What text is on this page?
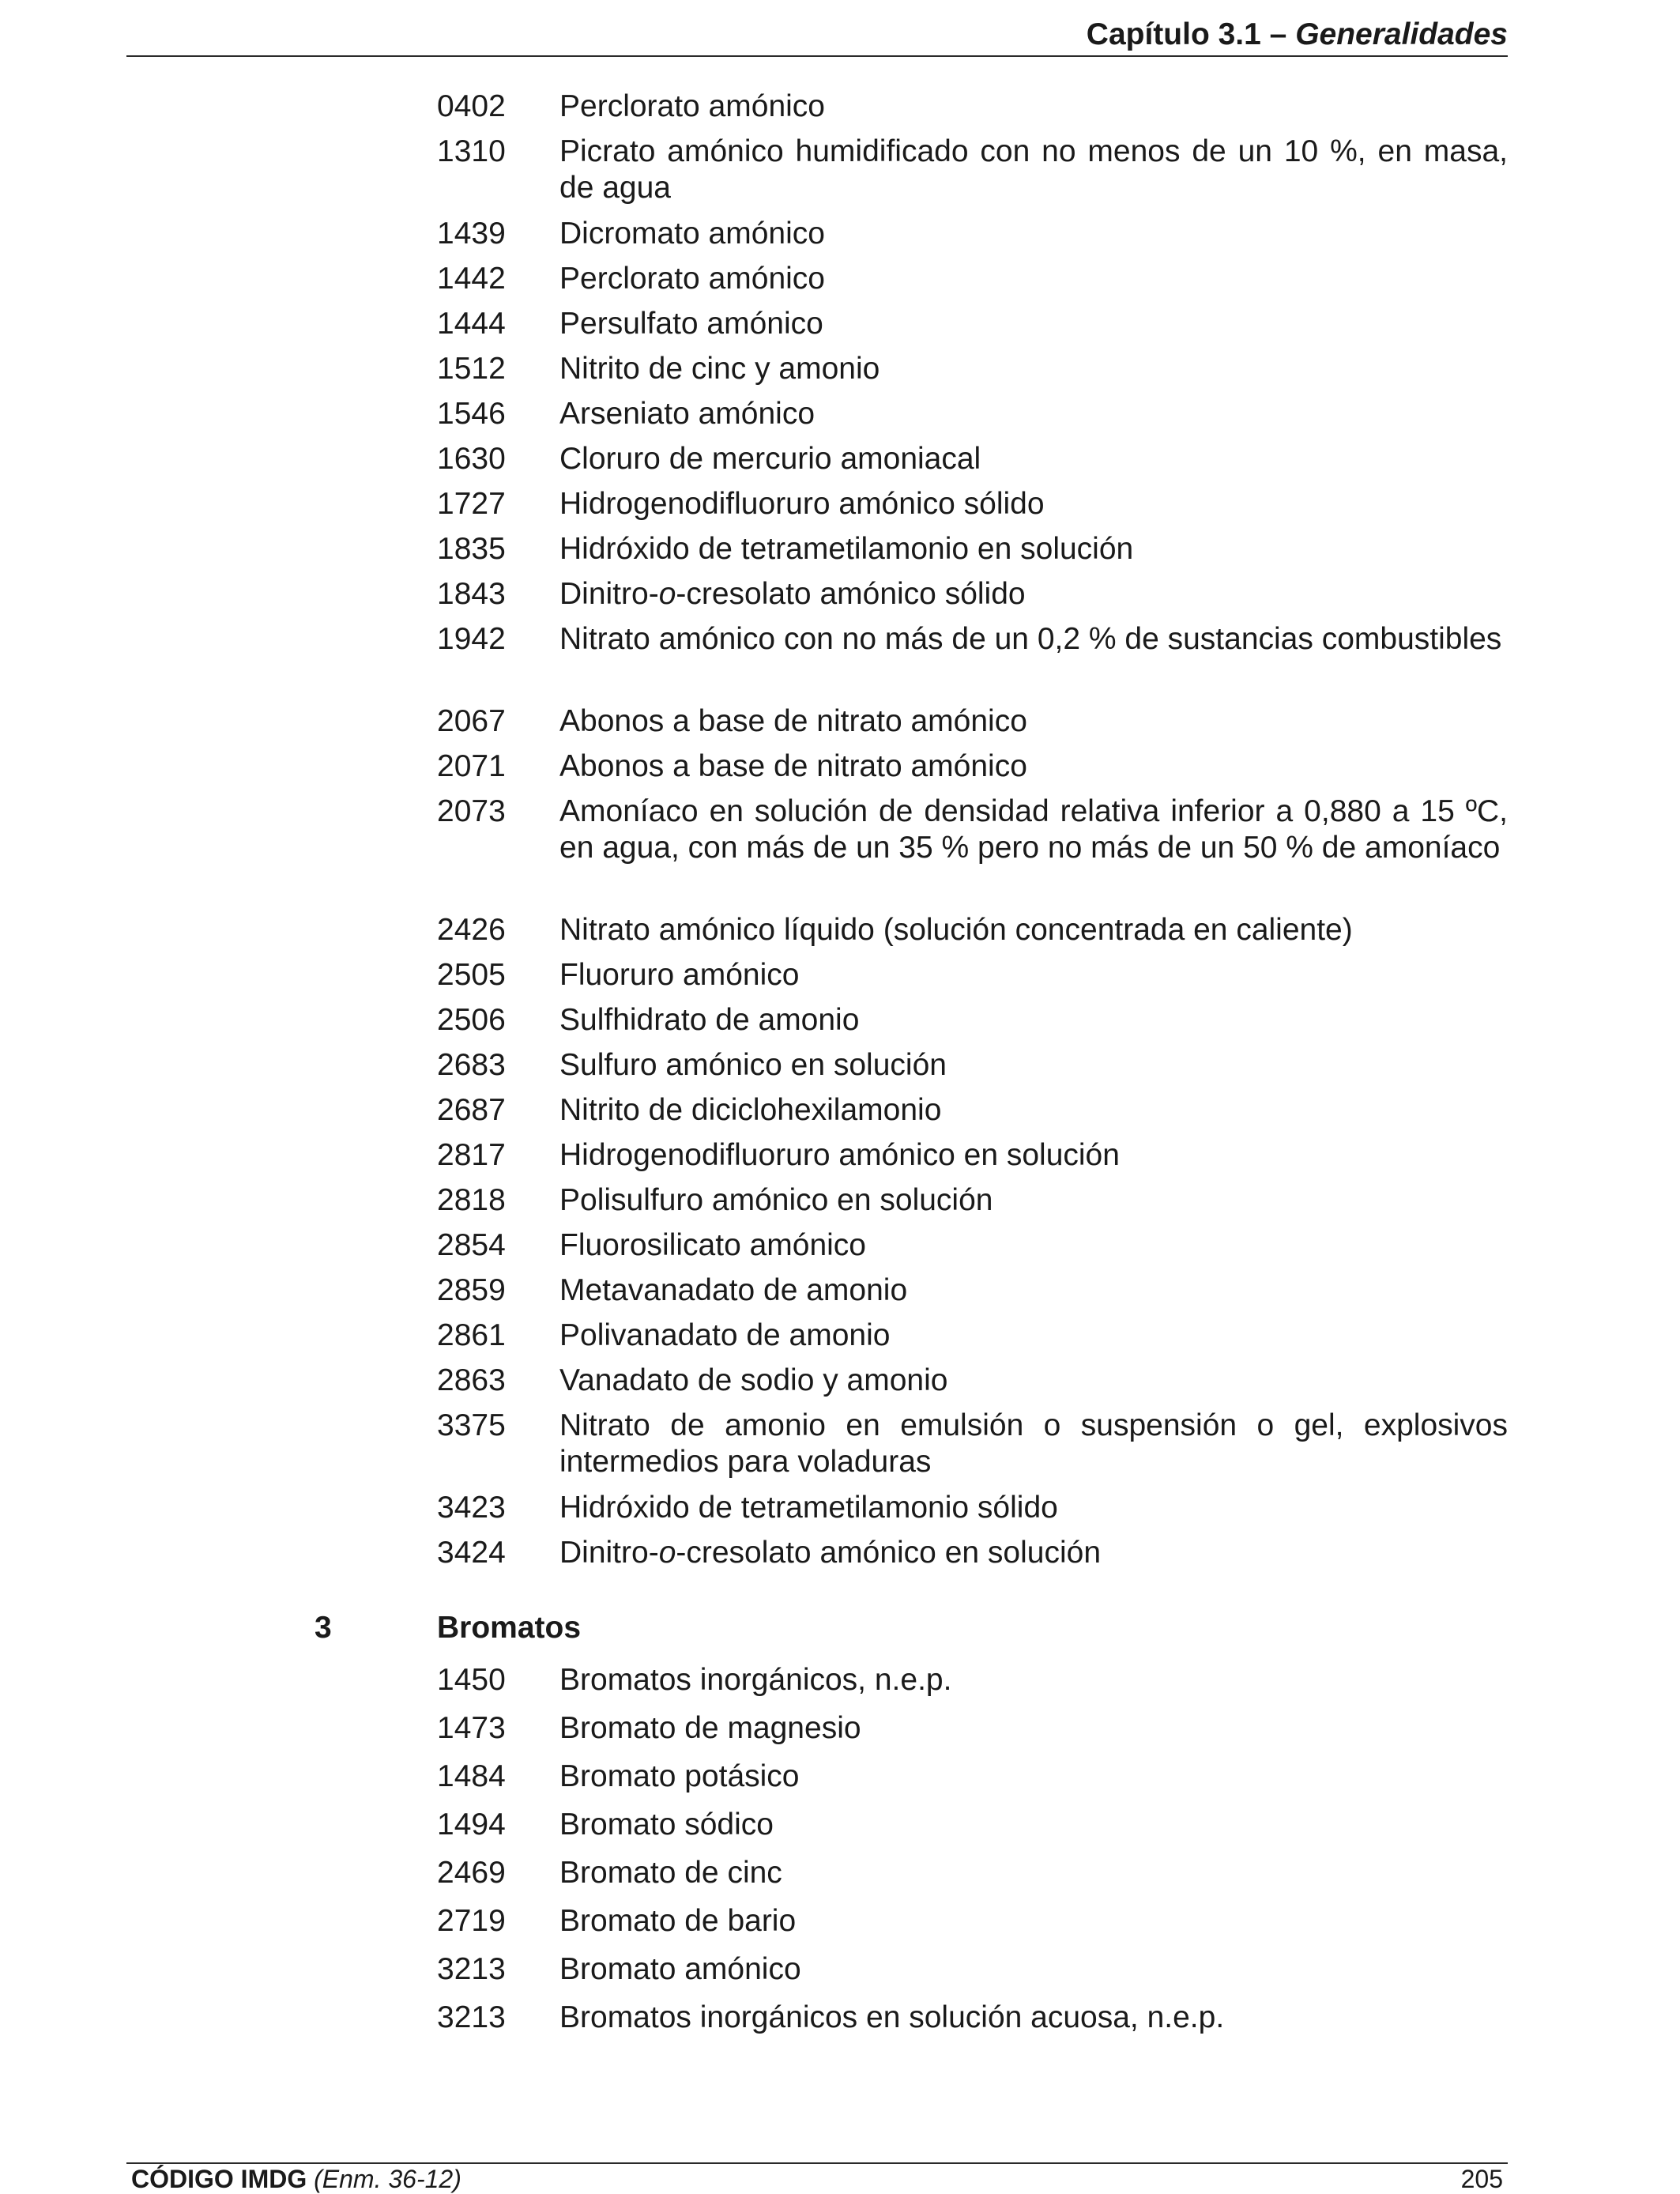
Capítulo 3.1 – Generalidades
0402	Perclorato amónico
1310	Picrato amónico humidificado con no menos de un 10 %, en masa, de agua
1439	Dicromato amónico
1442	Perclorato amónico
1444	Persulfato amónico
1512	Nitrito de cinc y amonio
1546	Arseniato amónico
1630	Cloruro de mercurio amoniacal
1727	Hidrogenodifluoruro amónico sólido
1835	Hidróxido de tetrametilamonio en solución
1843	Dinitro-o-cresolato amónico sólido
1942	Nitrato amónico con no más de un 0,2 % de sustancias combustibles
2067	Abonos a base de nitrato amónico
2071	Abonos a base de nitrato amónico
2073	Amoníaco en solución de densidad relativa inferior a 0,880 a 15 ºC, en agua, con más de un 35 % pero no más de un 50 % de amoníaco
2426	Nitrato amónico líquido (solución concentrada en caliente)
2505	Fluoruro amónico
2506	Sulfhidrato de amonio
2683	Sulfuro amónico en solución
2687	Nitrito de diciclohexilamonio
2817	Hidrogenodifluoruro amónico en solución
2818	Polisulfuro amónico en solución
2854	Fluorosilicato amónico
2859	Metavanadato de amonio
2861	Polivanadato de amonio
2863	Vanadato de sodio y amonio
3375	Nitrato de amonio en emulsión o suspensión o gel, explosivos intermedios para voladuras
3423	Hidróxido de tetrametilamonio sólido
3424	Dinitro-o-cresolato amónico en solución
3	Bromatos
1450	Bromatos inorgánicos, n.e.p.
1473	Bromato de magnesio
1484	Bromato potásico
1494	Bromato sódico
2469	Bromato de cinc
2719	Bromato de bario
3213	Bromato amónico
3213	Bromatos inorgánicos en solución acuosa, n.e.p.
CÓDIGO IMDG (Enm. 36-12)	205
